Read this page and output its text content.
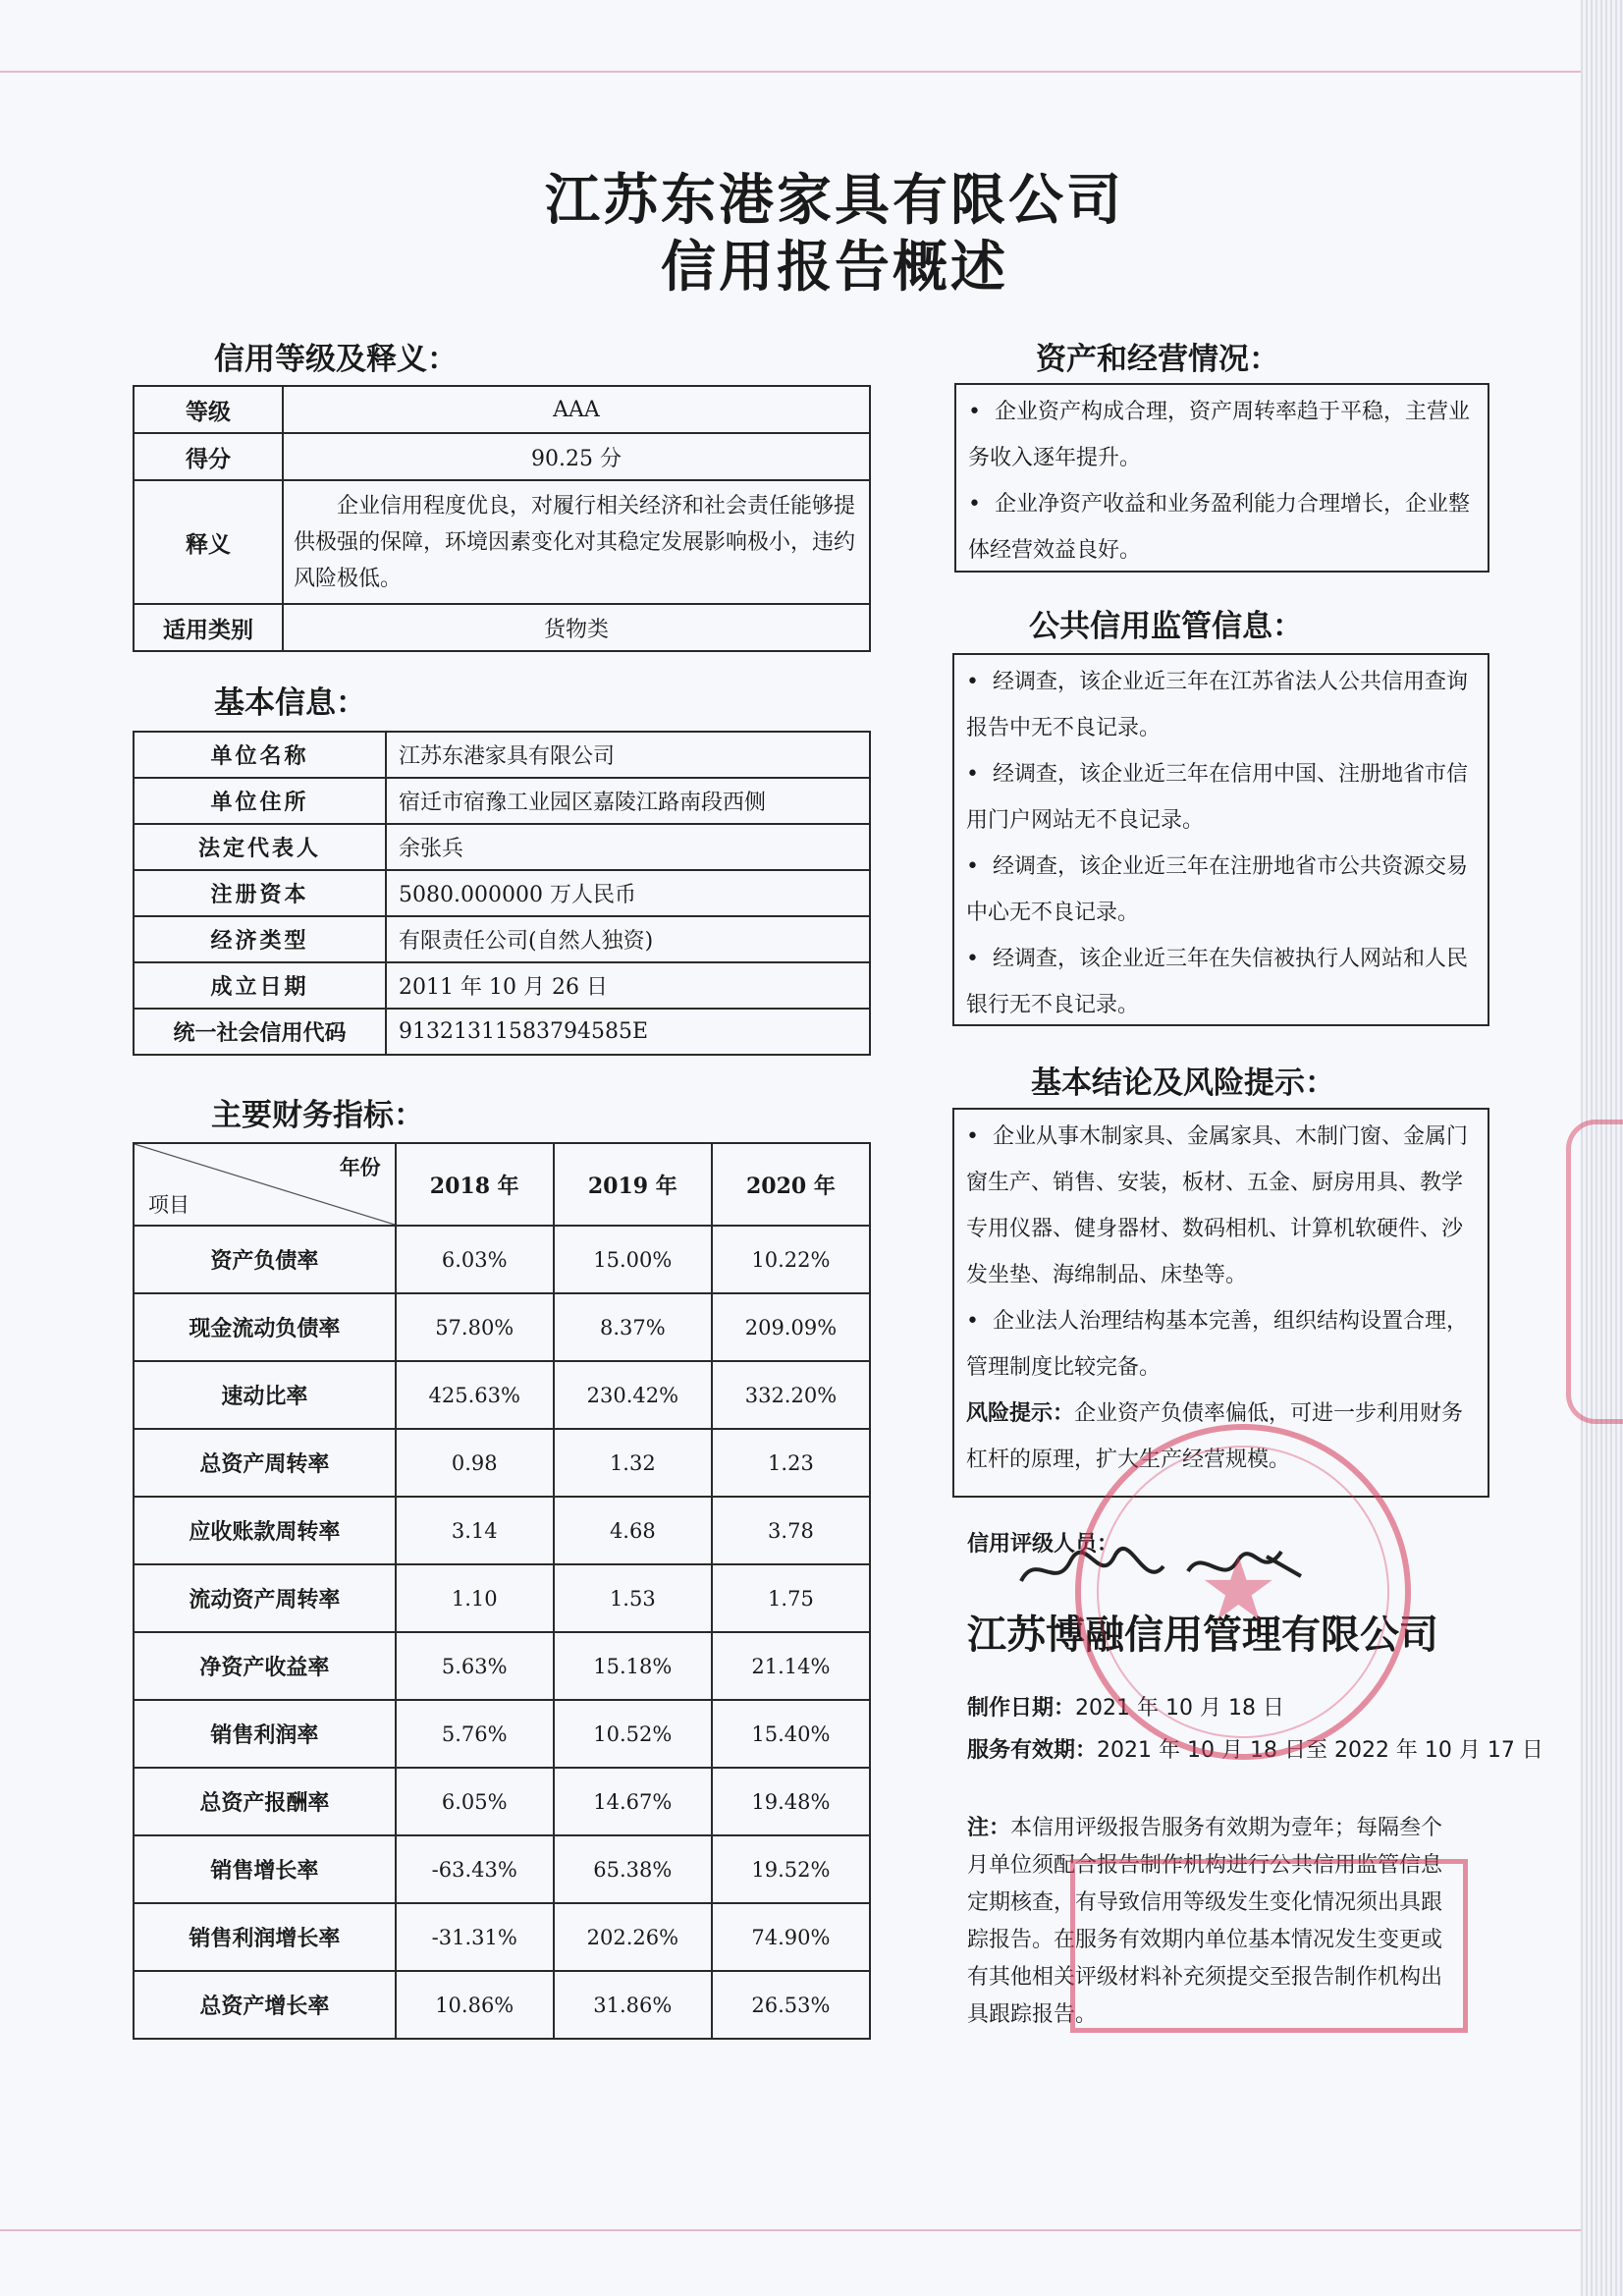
江苏东港家具有限公司
信用报告概述
信用等级及释义：
等级	AAA
得分	90.25 分
释义	企业信用程度优良，对履行相关经济和社会责任能够提供极强的保障，环境因素变化对其稳定发展影响极小，违约风险极低。
适用类别	货物类
基本信息：
单位名称	江苏东港家具有限公司
单位住所	宿迁市宿豫工业园区嘉陵江路南段西侧
法定代表人	余张兵
注册资本	5080.000000 万人民币
经济类型	有限责任公司(自然人独资)
成立日期	2011 年 10 月 26 日
统一社会信用代码	91321311583794585E
主要财务指标：
年份
项目	2018 年	2019 年	2020 年
资产负债率	6.03%	15.00%	10.22%
现金流动负债率	57.80%	8.37%	209.09%
速动比率	425.63%	230.42%	332.20%
总资产周转率	0.98	1.32	1.23
应收账款周转率	3.14	4.68	3.78
流动资产周转率	1.10	1.53	1.75
净资产收益率	5.63%	15.18%	21.14%
销售利润率	5.76%	10.52%	15.40%
总资产报酬率	6.05%	14.67%	19.48%
销售增长率	-63.43%	65.38%	19.52%
销售利润增长率	-31.31%	202.26%	74.90%
总资产增长率	10.86%	31.86%	26.53%
资产和经营情况：

• 企业资产构成合理，资产周转率趋于平稳，主营业务收入逐年提升。

• 企业净资产收益和业务盈利能力合理增长，企业整体经营效益良好。

公共信用监管信息：

• 经调查，该企业近三年在江苏省法人公共信用查询报告中无不良记录。

• 经调查，该企业近三年在信用中国、注册地省市信用门户网站无不良记录。

• 经调查，该企业近三年在注册地省市公共资源交易中心无不良记录。

• 经调查，该企业近三年在失信被执行人网站和人民银行无不良记录。

基本结论及风险提示：

• 企业从事木制家具、金属家具、木制门窗、金属门窗生产、销售、安装，板材、五金、厨房用具、教学专用仪器、健身器材、数码相机、计算机软硬件、沙发坐垫、海绵制品、床垫等。

• 企业法人治理结构基本完善，组织结构设置合理，管理制度比较完备。

风险提示：企业资产负债率偏低，可进一步利用财务杠杆的原理，扩大生产经营规模。

信用评级人员：
江苏博融信用管理有限公司
制作日期：2021 年 10 月 18 日
服务有效期：2021 年 10 月 18 日至 2022 年 10 月 17 日
注：本信用评级报告服务有效期为壹年；每隔叁个月单位须配合报告制作机构进行公共信用监管信息定期核查，有导致信用等级发生变化情况须出具跟踪报告。在服务有效期内单位基本情况发生变更或有其他相关评级材料补充须提交至报告制作机构出具跟踪报告。
★
